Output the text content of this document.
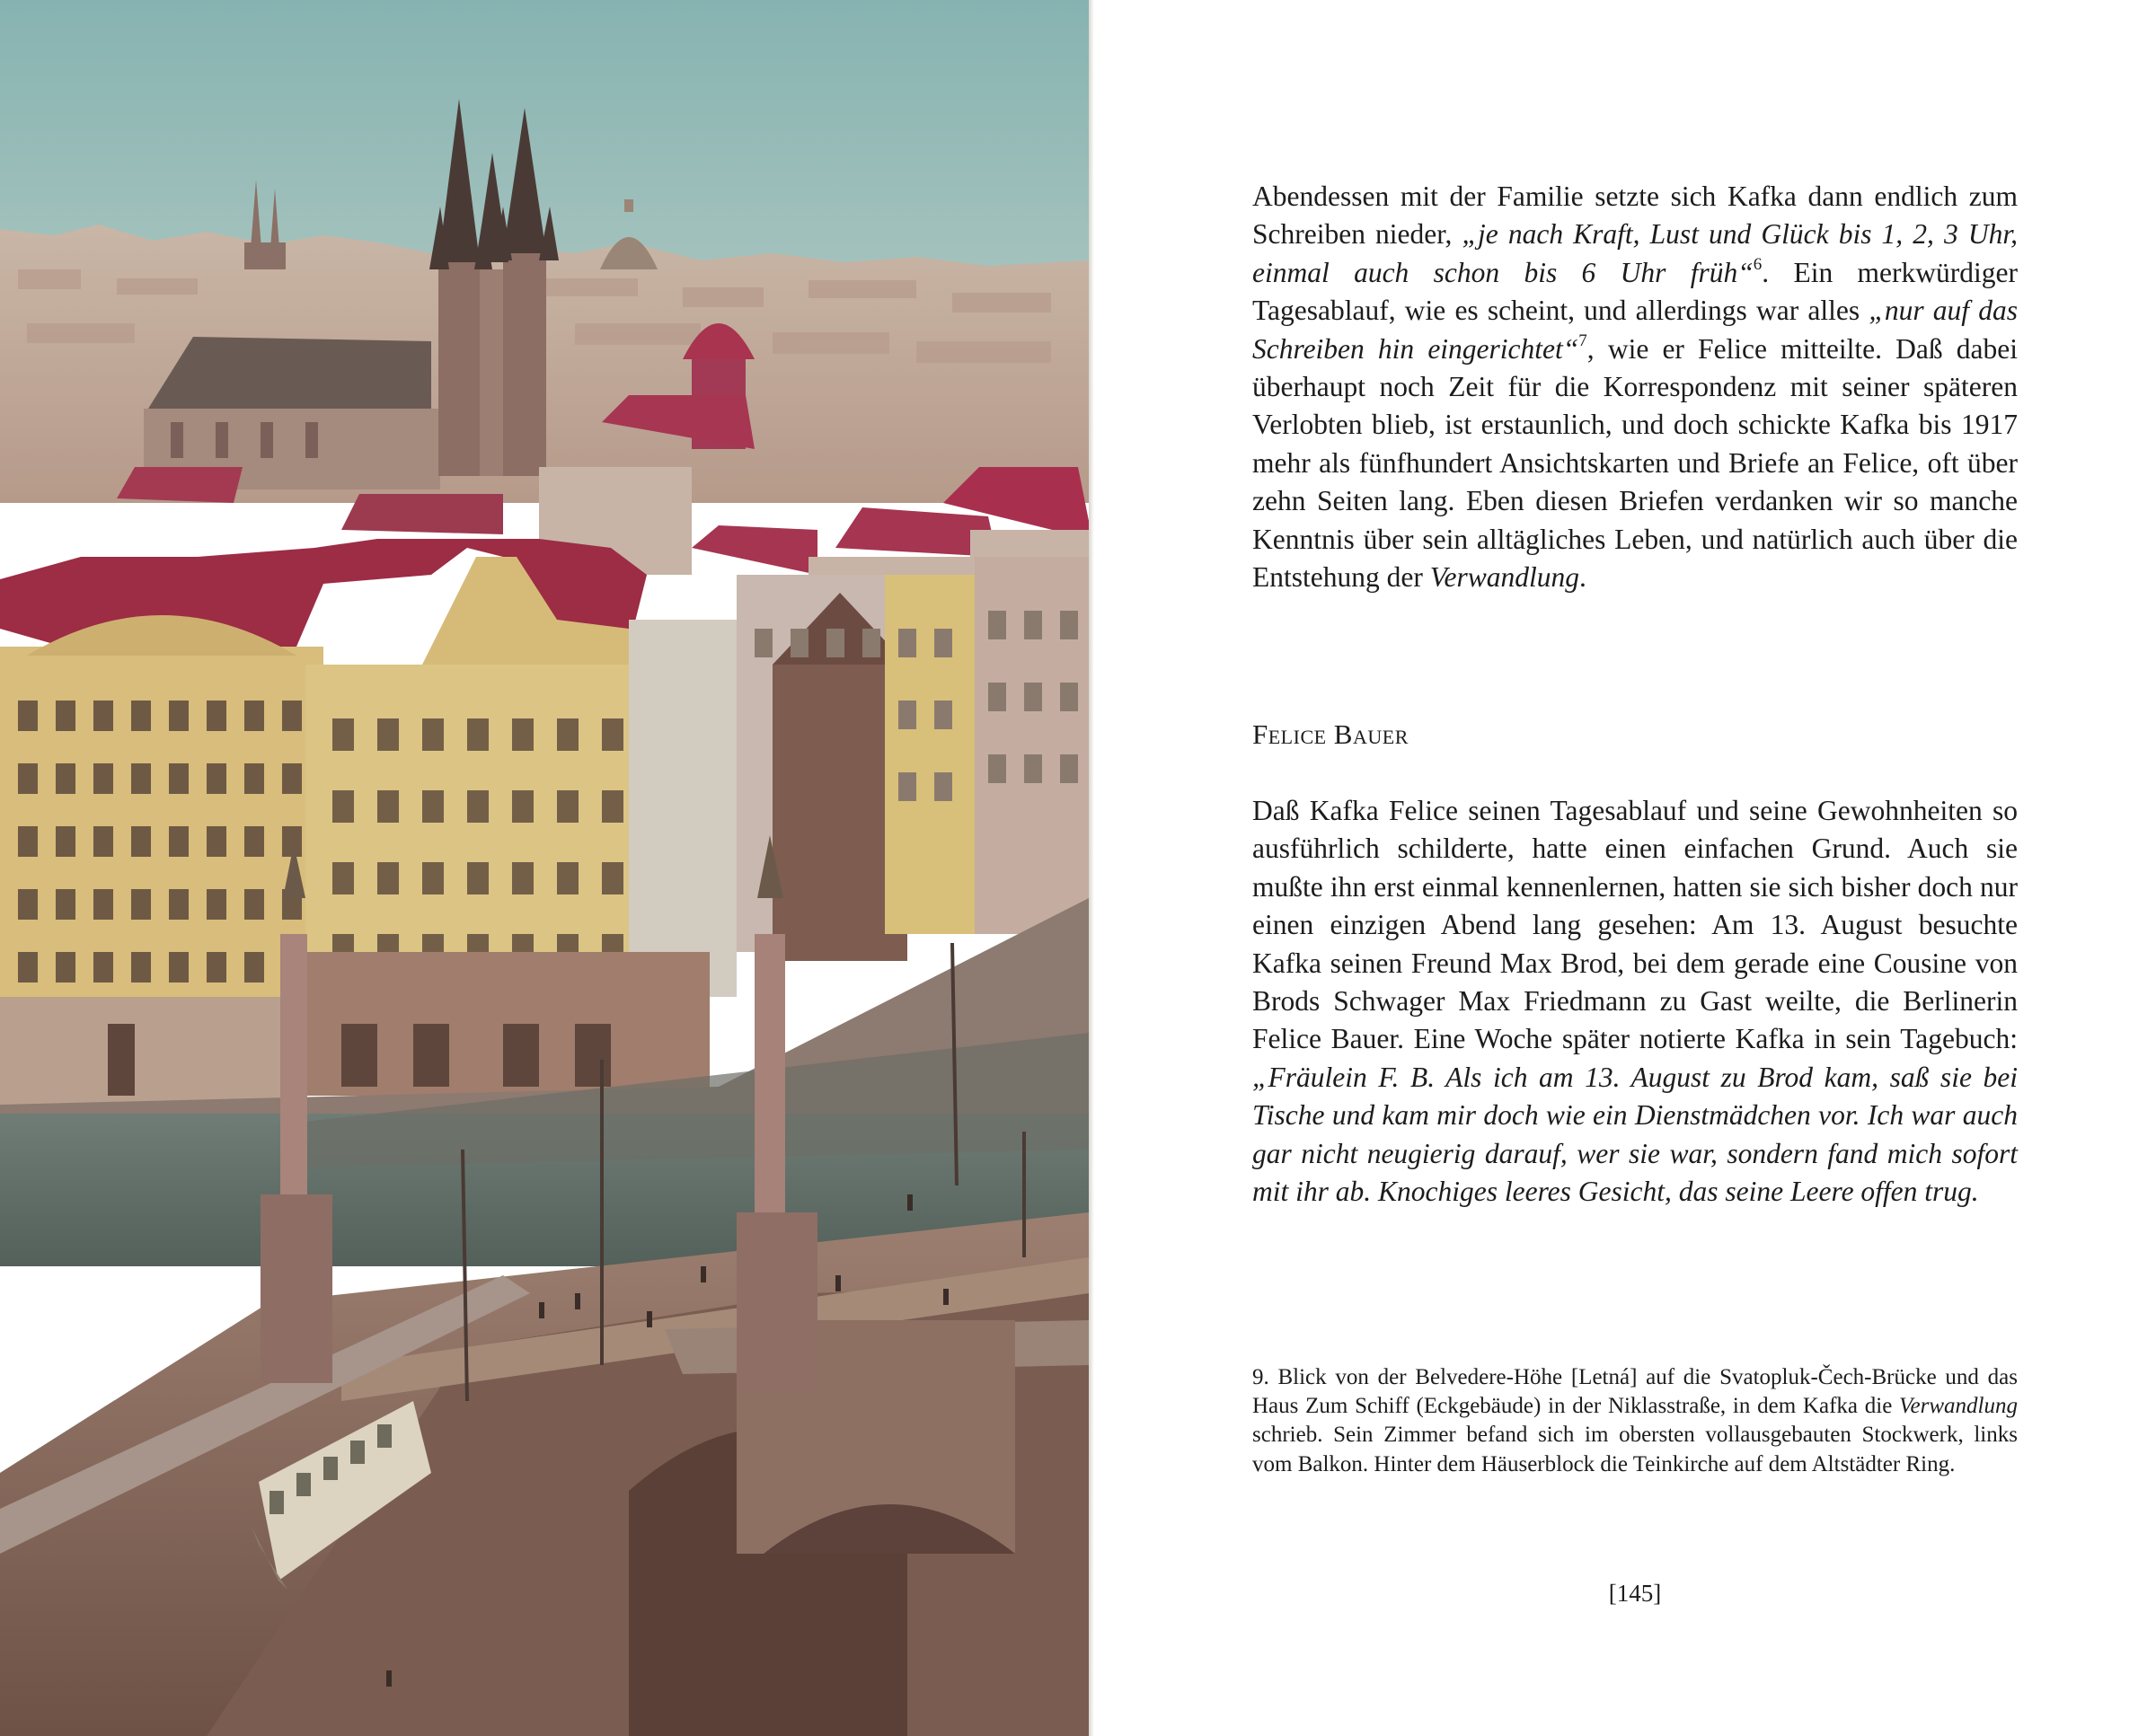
Abendessen mit der Familie setzte sich Kafka dann endlich zum Schreiben nieder, „je nach Kraft, Lust und Glück bis 1, 2, 3 Uhr, einmal auch schon bis 6 Uhr früh“$^6$. Ein merkwürdiger Tagesablauf, wie es scheint, und allerdings war alles „nur auf das Schreiben hin eingerichtet“$^7$, wie er Felice mitteilte. Daß dabei überhaupt noch Zeit für die Korrespondenz mit seiner späteren Verlobten blieb, ist erstaunlich, und doch schickte Kafka bis 1917 mehr als fünfhundert Ansichtskarten und Briefe an Felice, oft über zehn Seiten lang. Eben diesen Briefen verdanken wir so manche Kenntnis über sein alltägliches Leben, und natürlich auch über die Entstehung der Verwandlung.

Felice Bauer

Daß Kafka Felice seinen Tagesablauf und seine Gewohnheiten so ausführlich schilderte, hatte einen einfachen Grund. Auch sie mußte ihn erst einmal kennenlernen, hatten sie sich bisher doch nur einen einzigen Abend lang gesehen: Am 13. August besuchte Kafka seinen Freund Max Brod, bei dem gerade eine Cousine von Brods Schwager Max Friedmann zu Gast weilte, die Berlinerin Felice Bauer. Eine Woche später notierte Kafka in sein Tagebuch: „Fräulein F. B. Als ich am 13. August zu Brod kam, saß sie bei Tische und kam mir doch wie ein Dienstmädchen vor. Ich war auch gar nicht neugierig darauf, wer sie war, sondern fand mich sofort mit ihr ab. Knochiges leeres Gesicht, das seine Leere offen trug.

9. Blick von der Belvedere-Höhe [Letná] auf die Svatopluk-Čech-Brücke und das Haus Zum Schiff (Eckgebäude) in der Niklasstraße, in dem Kafka die Verwandlung schrieb. Sein Zimmer befand sich im obersten vollausgebauten Stockwerk, links vom Balkon. Hinter dem Häuserblock die Teinkirche auf dem Altstädter Ring.

[145]
